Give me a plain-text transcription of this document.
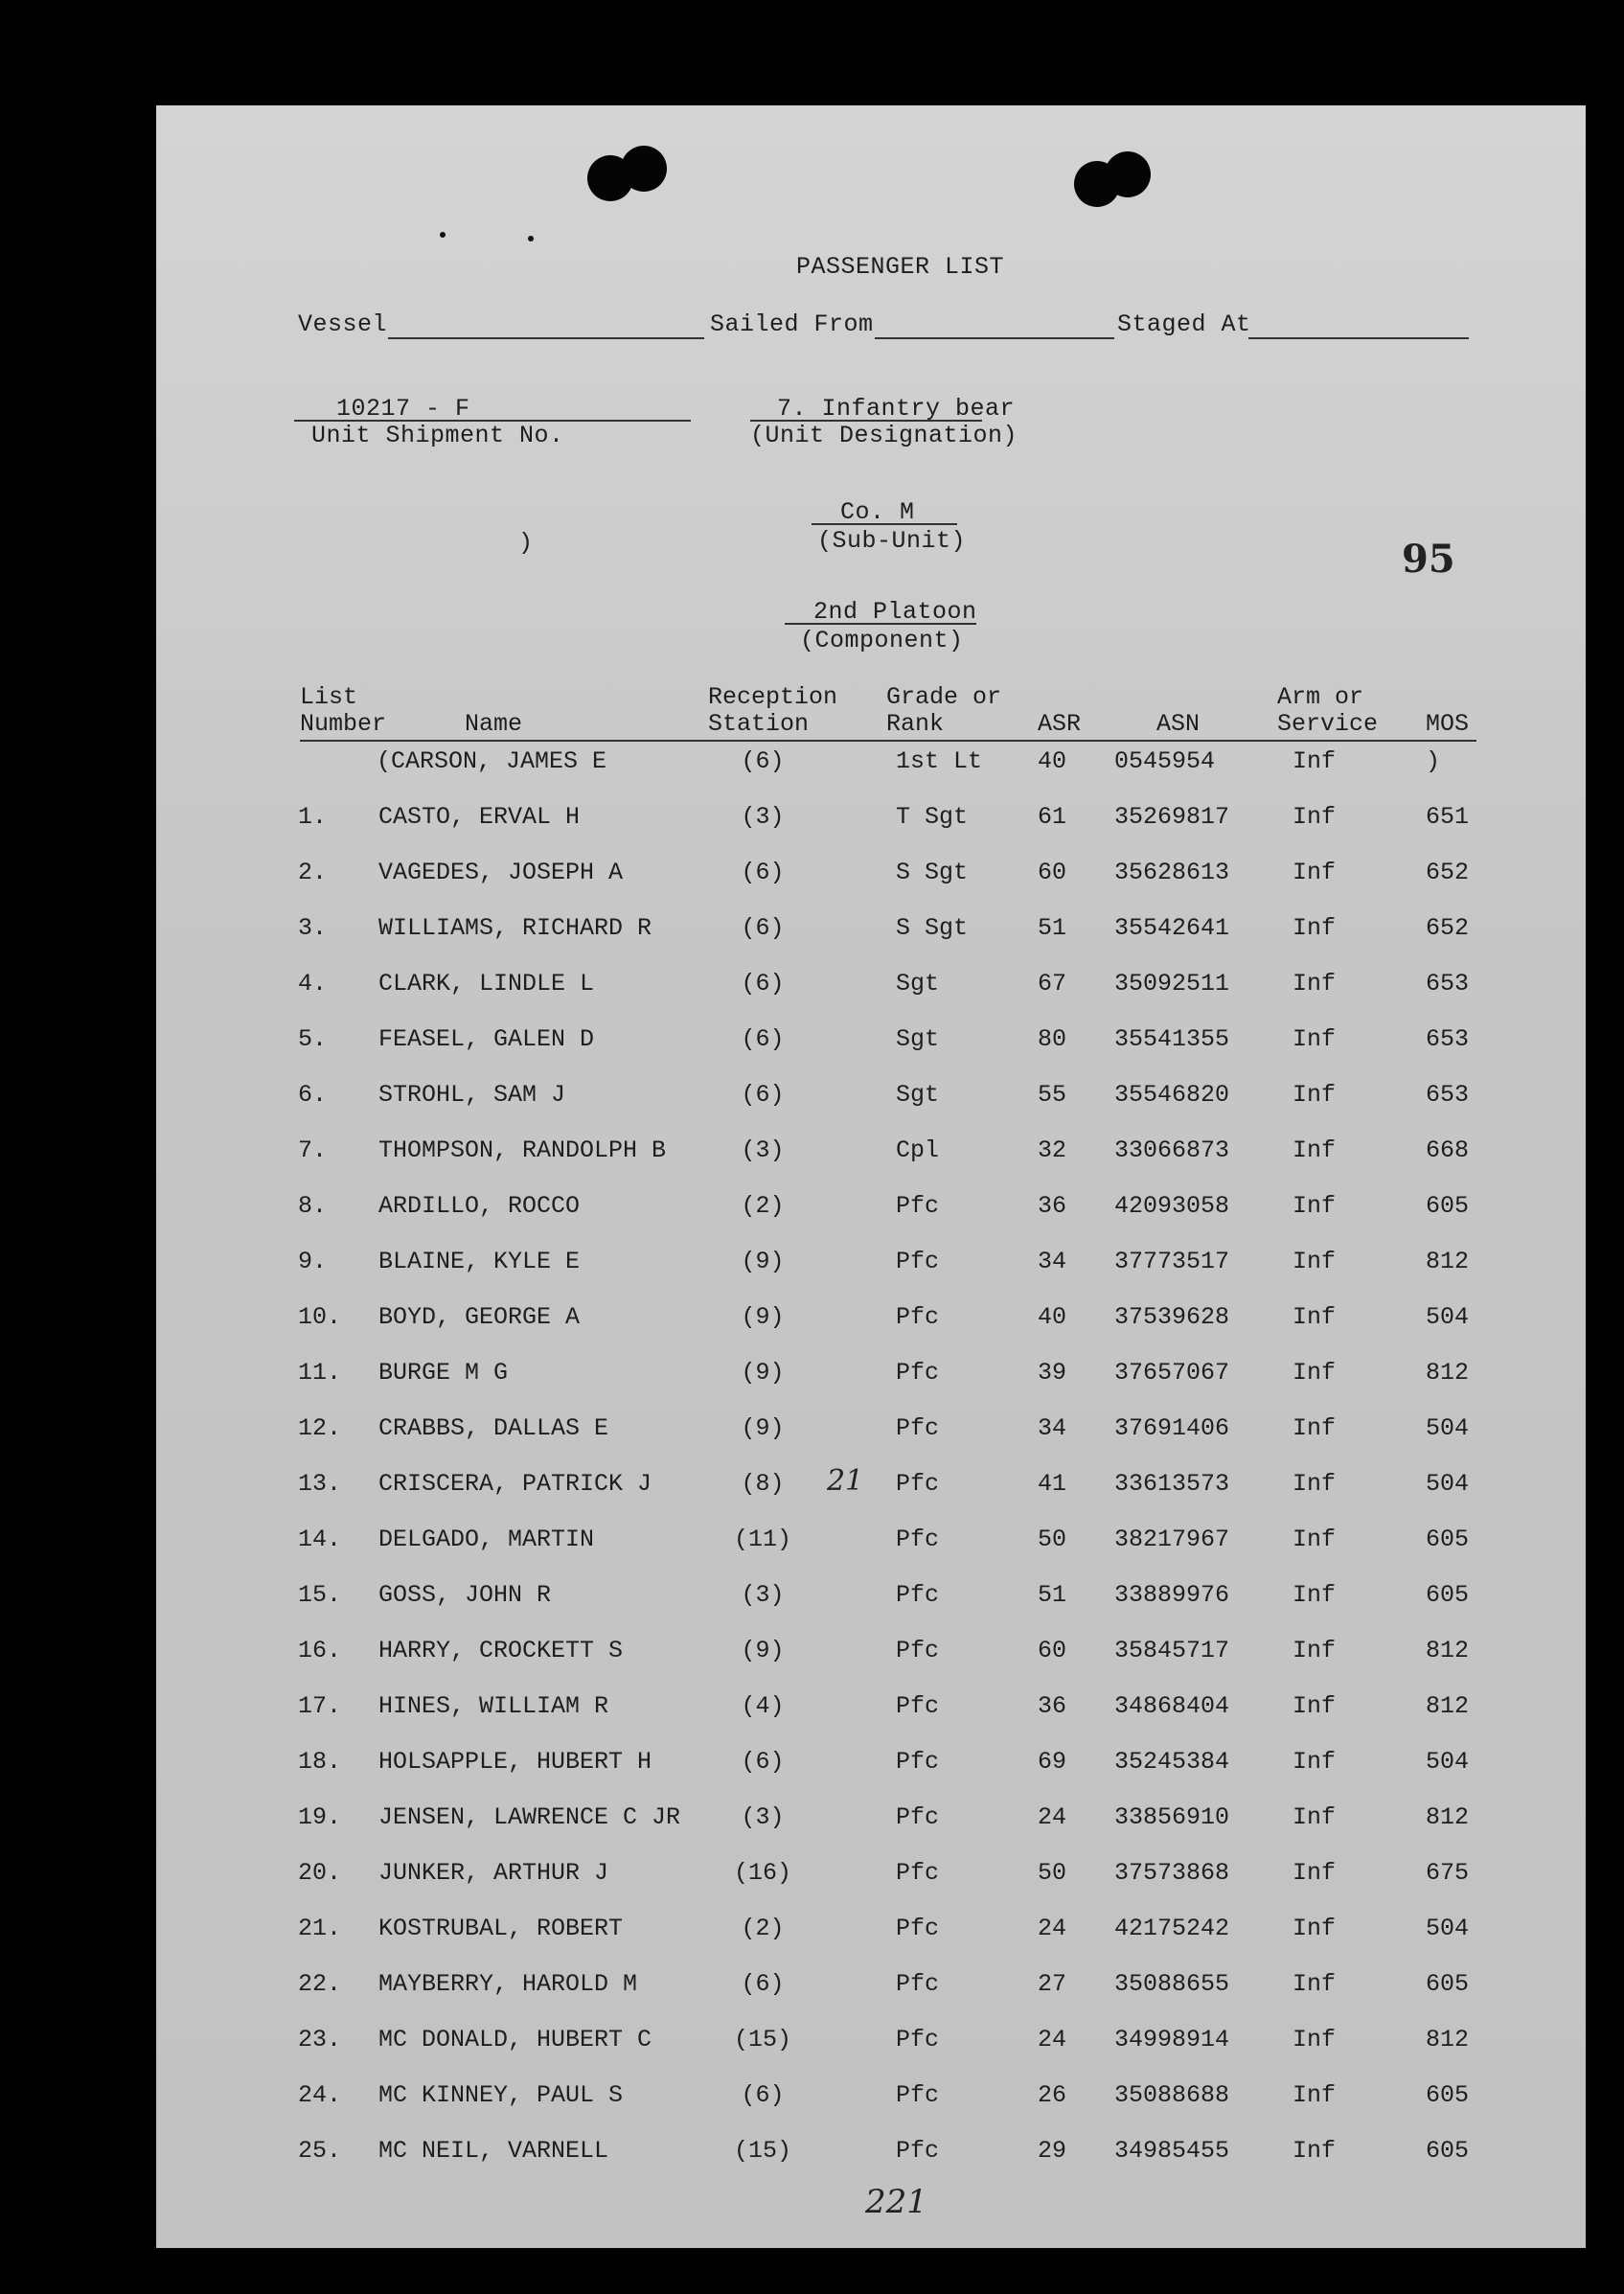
PASSENGER LIST
Vessel	Sailed From	Staged At
10217 - F
Unit Shipment No.
7. Infantry bear
(Unit Designation)
Co. M
(Sub-Unit)
)	95
2nd Platoon
(Component)
List
Number	Name
Reception
Station
Grade or
Rank	ASR	ASN
Arm or
Service MOS
(CARSON, JAMES E	(6)	1st Lt 40 0545954	Inf	)
1. CASTO, ERVAL H	(3)	T Sgt	61 35269817	Inf	651
2. VAGEDES, JOSEPH A	(6)	S Sgt	60 35628613	Inf	652
3. WILLIAMS, RICHARD R	(6)	S Sgt	51 35542641	Inf	652
4. CLARK, LINDLE L	(6)	Sgt	67 35092511	Inf	653
5. FEASEL, GALEN D	(6)	Sgt	80 35541355	Inf	653
6. STROHL, SAM J	(6)	Sgt	55 35546820	Inf	653
7. THOMPSON, RANDOLPH B	(3)	Cpl	32 33066873	Inf	668
8. ARDILLO, ROCCO	(2)	Pfc	36 42093058	Inf	605
9. BLAINE, KYLE E	(9)	Pfc	34 37773517	Inf	812
10. BOYD, GEORGE A	(9)	Pfc	40 37539628	Inf	504
11. BURGE M G	(9)	Pfc	39 37657067	Inf	812
12. CRABBS, DALLAS E	(9)	Pfc	34 37691406	Inf	504
13. CRISCERA, PATRICK J	(8)	Pfc	41 33613573	Inf	504
21
14. DELGADO, MARTIN	(11)	Pfc	50 38217967	Inf	605
15. GOSS, JOHN R	(3)	Pfc	51 33889976	Inf	605
16. HARRY, CROCKETT S	(9)	Pfc	60 35845717	Inf	812
17. HINES, WILLIAM R	(4)	Pfc	36 34868404	Inf	812
18. HOLSAPPLE, HUBERT H	(6)	Pfc	69 35245384	Inf	504
19. JENSEN, LAWRENCE C JR	(3)	Pfc	24 33856910	Inf	812
20. JUNKER, ARTHUR J	(16)	Pfc	50 37573868	Inf	675
21. KOSTRUBAL, ROBERT	(2)	Pfc	24 42175242	Inf	504
22. MAYBERRY, HAROLD M	(6)	Pfc	27 35088655	Inf	605
23. MC DONALD, HUBERT C	(15)	Pfc	24 34998914	Inf	812
24. MC KINNEY, PAUL S	(6)	Pfc	26 35088688	Inf	605
25. MC NEIL, VARNELL	(15)	Pfc	29 34985455	Inf	605
221
